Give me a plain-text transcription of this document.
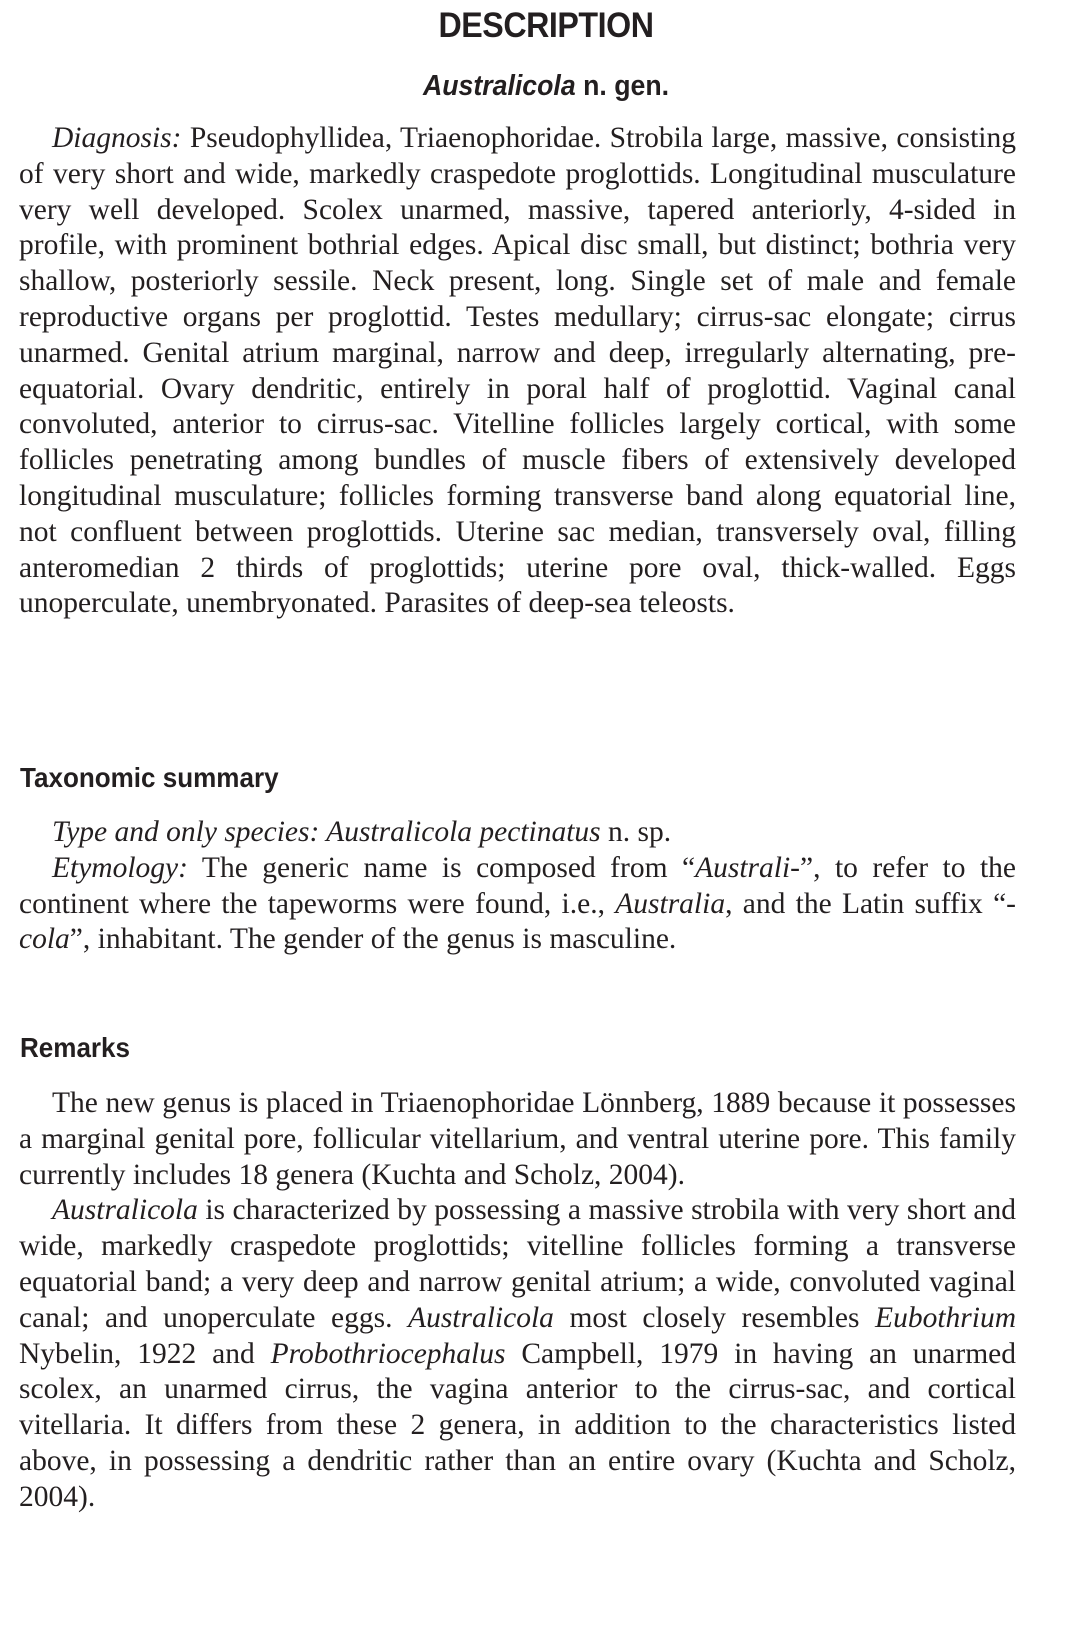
DESCRIPTION
Australicola n. gen.

Diagnosis: Pseudophyllidea, Triaenophoridae. Strobila large, massive, consisting of very short and wide, markedly craspedote proglottids. Longitudinal musculature very well developed. Scolex unarmed, massive, tapered anteriorly, 4-sided in profile, with prominent bothrial edges. Apical disc small, but distinct; bothria very shallow, posteriorly sessile. Neck present, long. Single set of male and female reproductive organs per proglottid. Testes medullary; cirrus-sac elongate; cirrus unarmed. Genital atrium marginal, narrow and deep, irregularly alternating, pre-equatorial. Ovary dendritic, entirely in poral half of proglottid. Vaginal canal convoluted, anterior to cirrus-sac. Vitelline follicles largely cortical, with some follicles penetrating among bundles of muscle fibers of extensively developed longitudinal musculature; follicles forming transverse band along equatorial line, not confluent between proglottids. Uterine sac median, transversely oval, filling anteromedian 2 thirds of proglottids; uterine pore oval, thick-walled. Eggs unoperculate, unembryonated. Parasites of deep-sea teleosts.

Taxonomic summary

Type and only species: Australicola pectinatus n. sp.

Etymology: The generic name is composed from “Australi-”, to refer to the continent where the tapeworms were found, i.e., Australia, and the Latin suffix “-cola”, inhabitant. The gender of the genus is masculine.

Remarks

The new genus is placed in Triaenophoridae Lönnberg, 1889 because it possesses a marginal genital pore, follicular vitellarium, and ventral uterine pore. This family currently includes 18 genera (Kuchta and Scholz, 2004).

Australicola is characterized by possessing a massive strobila with very short and wide, markedly craspedote proglottids; vitelline follicles forming a transverse equatorial band; a very deep and narrow genital atrium; a wide, convoluted vaginal canal; and unoperculate eggs. Australicola most closely resembles Eubothrium Nybelin, 1922 and Probothriocephalus Campbell, 1979 in having an unarmed scolex, an unarmed cirrus, the vagina anterior to the cirrus-sac, and cortical vitellaria. It differs from these 2 genera, in addition to the characteristics listed above, in possessing a dendritic rather than an entire ovary (Kuchta and Scholz, 2004).
